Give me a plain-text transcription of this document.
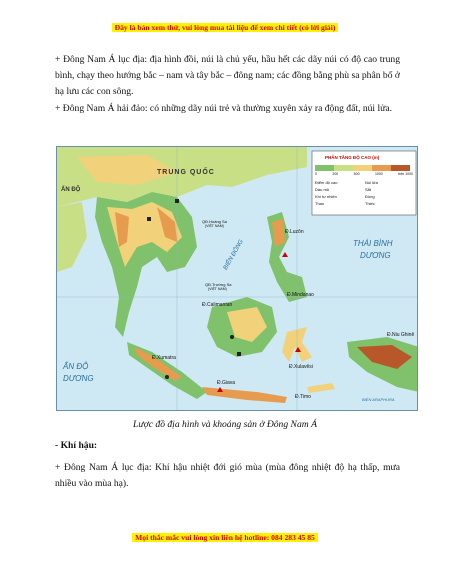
Đây là bản xem thử, vui lòng mua tài liệu để xem chi tiết (có lời giải)

+ Đông Nam Á lục địa: địa hình đồi, núi là chủ yếu, hầu hết các dãy núi có độ cao trung bình, chạy theo hướng bắc – nam và tây bắc – đông nam; các đồng bằng phù sa phân bố ở hạ lưu các con sông.

+ Đông Nam Á hải đảo: có những dãy núi trẻ và thường xuyên xảy ra động đất, núi lửa.

TRUNG QUỐC
ẤN ĐỘ
THÁI BÌNH
DƯƠNG
ẤN ĐỘ
DƯƠNG
BIỂN ĐÔNG
Đ.Luzôn
Đ.Mindanao
Đ.Calimantan
Đ.Xumatra
Đ.Xulavêsi
Đ.Giava
Đ.Timo
Đ.Niu Ghinê
QĐ.Hoàng Sa
(VIỆT NAM)
QĐ.Trường Sa
(VIỆT NAM)
BIỂN ARAPHURA
PHÂN TẦNG ĐỘ CAO (m)
0	200	500	1000	trên 1000
Điểm độ cao	Núi lửa
Dầu mỏ	Sắt
Khí tự nhiên	Đồng
Than	Thiếc
Lược đồ địa hình và khoáng sản ở Đông Nam Á
- Khí hậu:

+ Đông Nam Á lục địa: Khí hậu nhiệt đới gió mùa (mùa đông nhiệt độ hạ thấp, mưa nhiều vào mùa hạ).

Mọi thắc mắc vui lòng xin liên hệ hotline: 084 283 45 85
